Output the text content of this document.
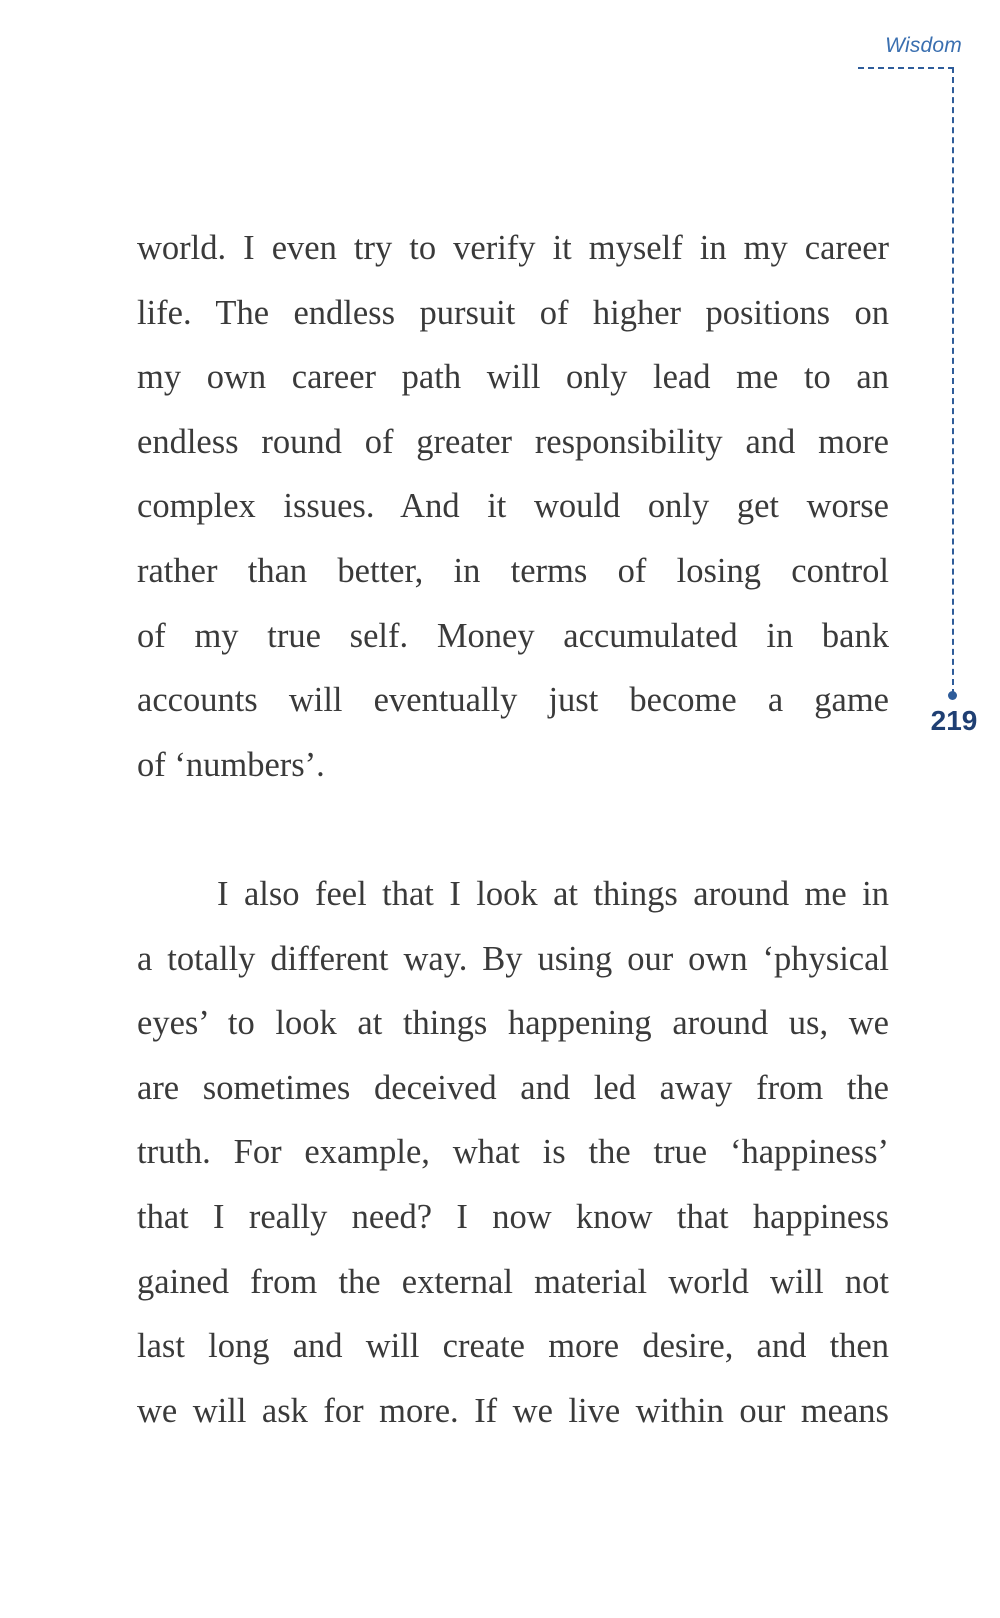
Wisdom
219
world. I even try to verify it myself in my career
life. The endless pursuit of higher positions on
my own career path will only lead me to an
endless round of greater responsibility and more
complex issues. And it would only get worse
rather than better, in terms of losing control
of my true self. Money accumulated in bank
accounts will eventually just become a game
of ‘numbers’.
I also feel that I look at things around me in
a totally different way. By using our own ‘physical
eyes’ to look at things happening around us, we
are sometimes deceived and led away from the
truth. For example, what is the true ‘happiness’
that I really need? I now know that happiness
gained from the external material world will not
last long and will create more desire, and then
we will ask for more. If we live within our means
